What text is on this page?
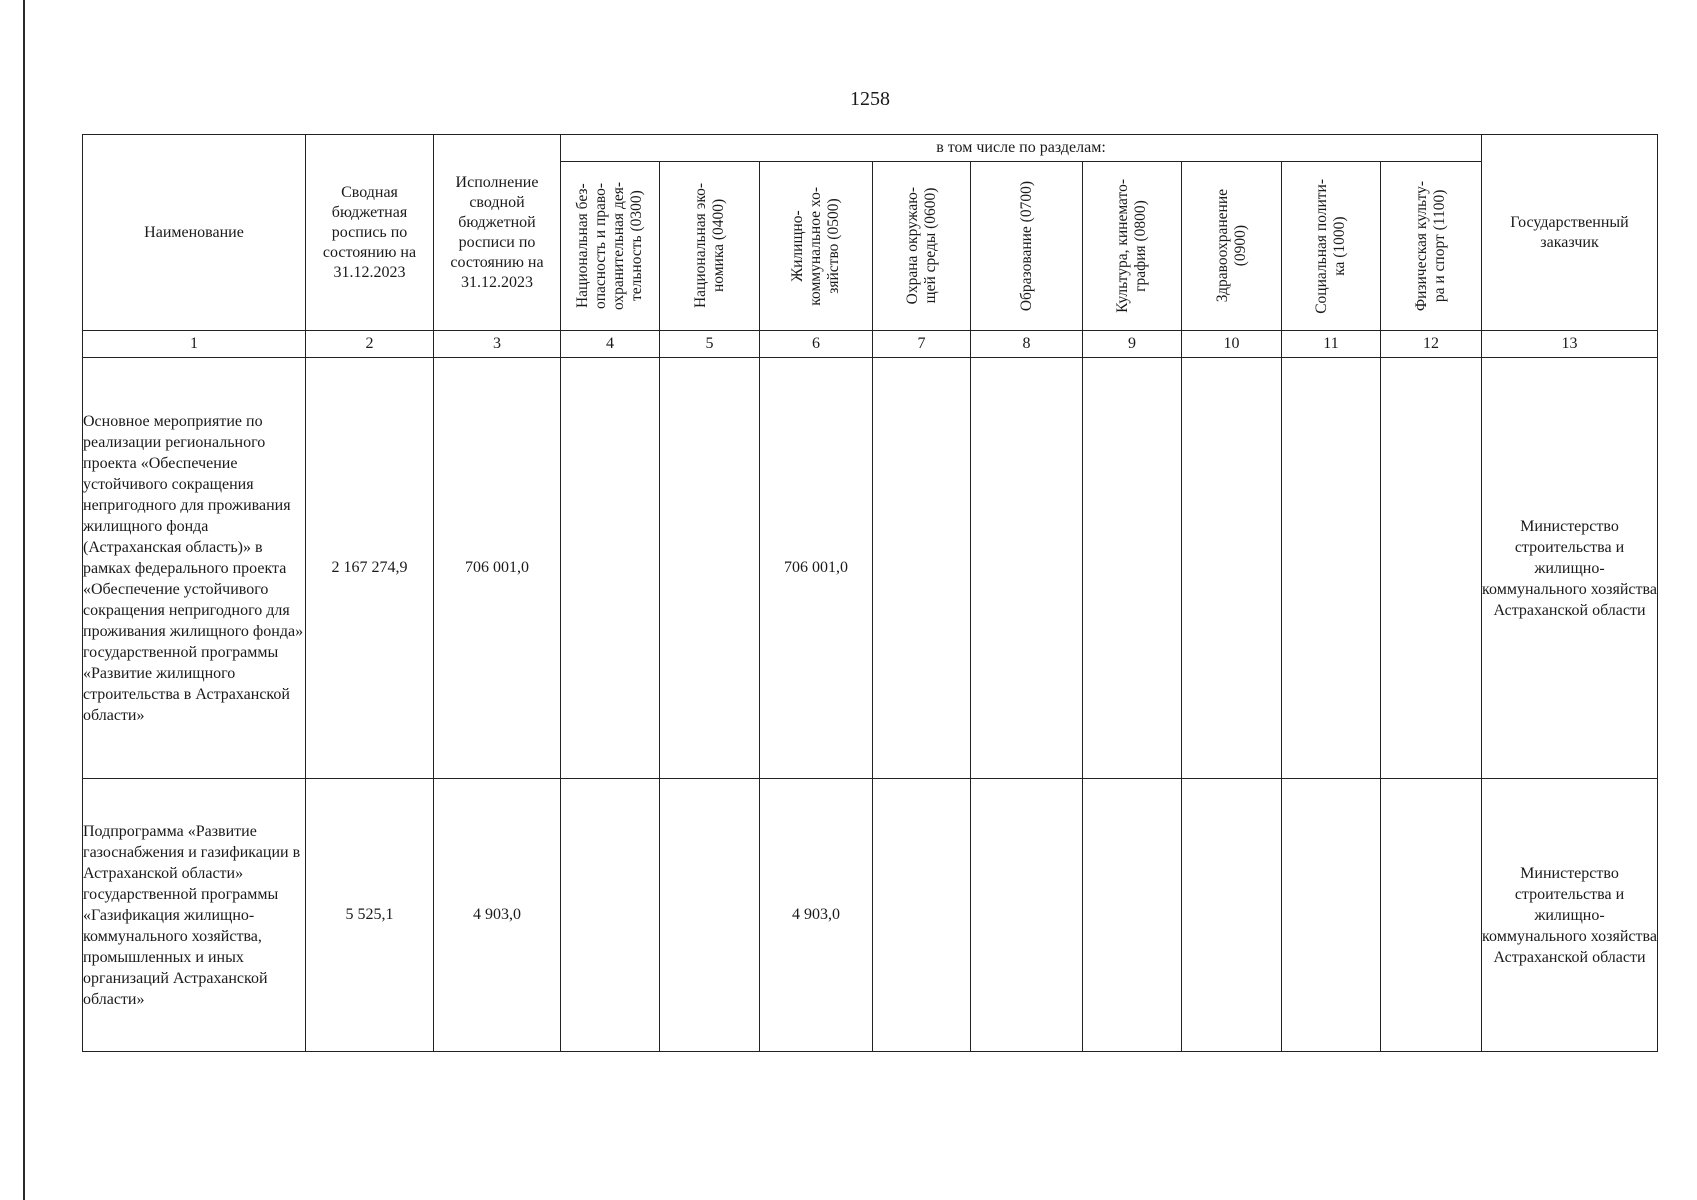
1258
Наименование	Сводная бюджетная роспись по состоянию на 31.12.2023	Исполнение сводной бюджетной росписи по состоянию на 31.12.2023	в том числе по разделам:									Государственный заказчик

			Национальная без-
опасность и право-
охранительная дея-
тельность (0300)	Национальная эко-
номика (0400)	Жилищно-
коммунальное хо-
зяйство (0500)	Охрана окружаю-
щей среды (0600)	Образование (0700)	Культура, кинемато-
графия (0800)	Здравоохранение
(0900)	Социальная полити-
ка (1000)	Физическая культу-
ра и спорт (1100)	

1	2	3	4	5	6	7	8	9	10	11	12	13
Основное мероприятие по реализации регионального проекта «Обеспечение устойчивого сокращения непригодного для проживания жилищного фонда (Астраханская область)» в рамках федерального проекта «Обеспечение устойчивого сокращения непригодного для проживания жилищного фонда» государственной программы «Развитие жилищного строительства в Астраханской области»	2 167 274,9	706 001,0			706 001,0							Министерство строительства и жилищно-коммунального хозяйства Астраханской области
Подпрограмма «Развитие газоснабжения и газификации в Астраханской области» государственной программы «Газификация жилищно-коммунального хозяйства, промышленных и иных организаций Астраханской области»	5 525,1	4 903,0			4 903,0							Министерство строительства и жилищно-коммунального хозяйства Астраханской области
